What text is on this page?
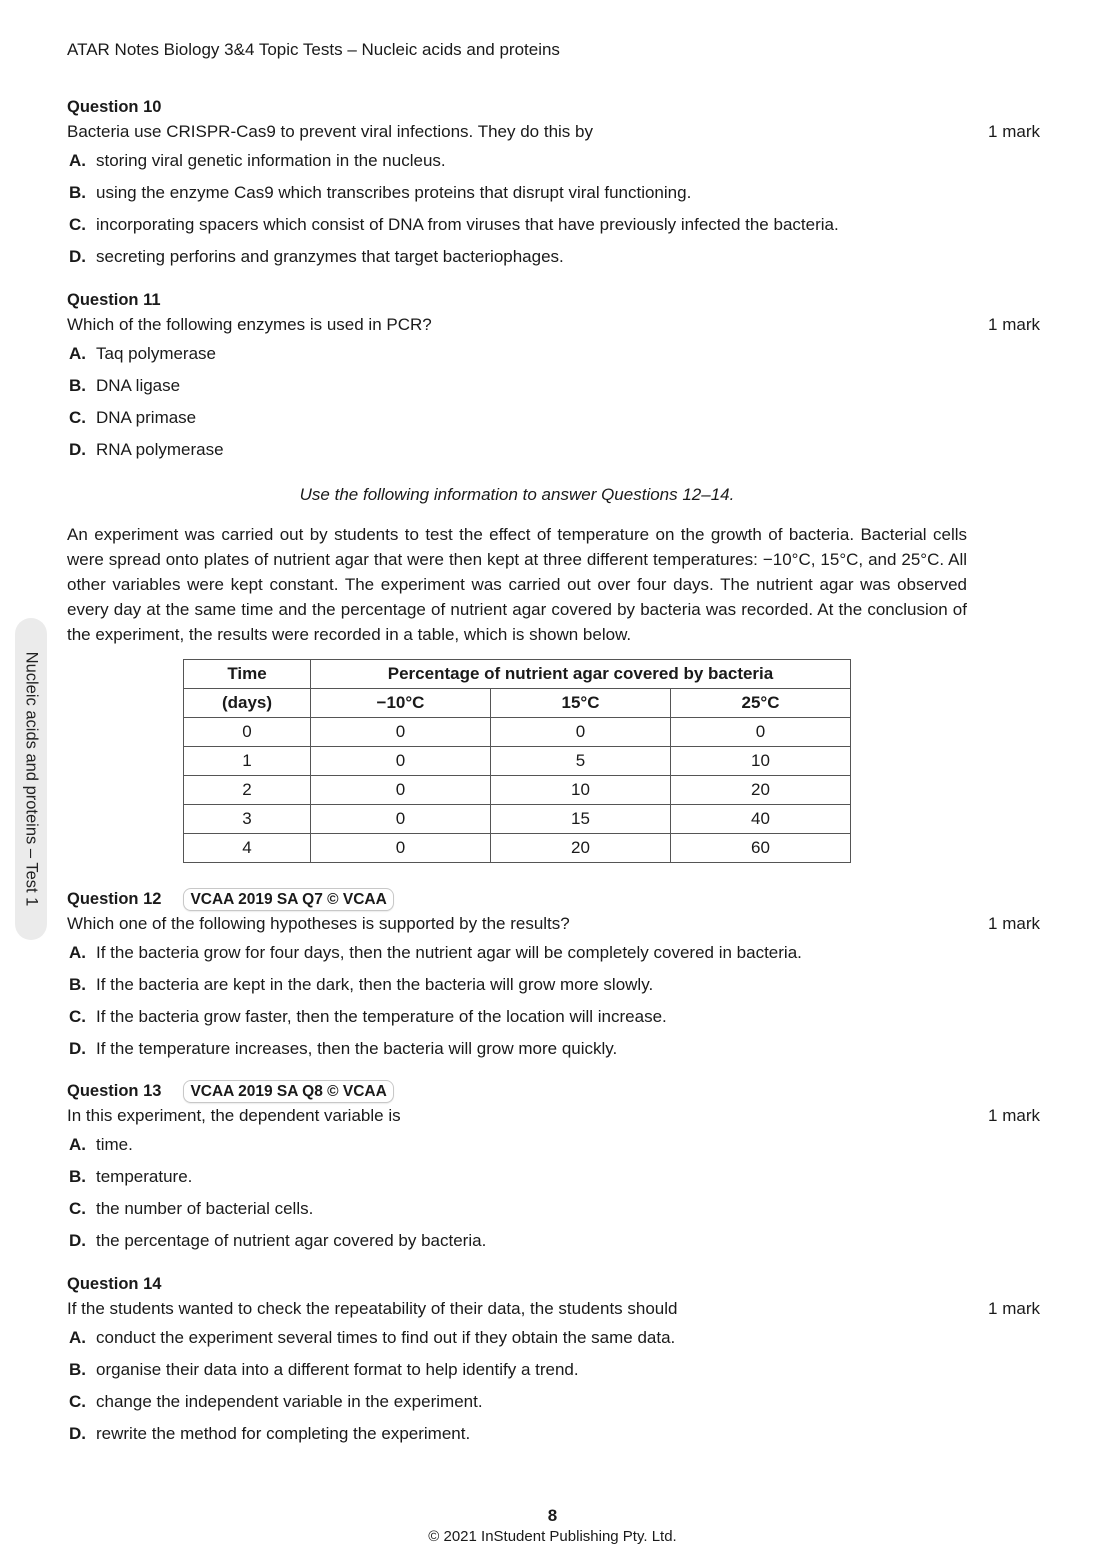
ATAR Notes Biology 3&4 Topic Tests – Nucleic acids and proteins
Nucleic acids and proteins – Test 1
Question 10
Bacteria use CRISPR-Cas9 to prevent viral infections. They do this by	1 mark
A. storing viral genetic information in the nucleus.
B. using the enzyme Cas9 which transcribes proteins that disrupt viral functioning.
C. incorporating spacers which consist of DNA from viruses that have previously infected the bacteria.
D. secreting perforins and granzymes that target bacteriophages.
Question 11
Which of the following enzymes is used in PCR?	1 mark
A. Taq polymerase
B. DNA ligase
C. DNA primase
D. RNA polymerase
Use the following information to answer Questions 12–14.
An experiment was carried out by students to test the effect of temperature on the growth of bacteria. Bacterial cells were spread onto plates of nutrient agar that were then kept at three different temperatures: −10°C, 15°C, and 25°C. All other variables were kept constant. The experiment was carried out over four days. The nutrient agar was observed every day at the same time and the percentage of nutrient agar covered by bacteria was recorded. At the conclusion of the experiment, the results were recorded in a table, which is shown below.
Time	Percentage of nutrient agar covered by bacteria		
(days)	−10°C	15°C	25°C
0	0	0	0
1	0	5	10
2	0	10	20
3	0	15	40
4	0	20	60
Question 12	VCAA 2019 SA Q7 © VCAA
Which one of the following hypotheses is supported by the results?	1 mark
A. If the bacteria grow for four days, then the nutrient agar will be completely covered in bacteria.
B. If the bacteria are kept in the dark, then the bacteria will grow more slowly.
C. If the bacteria grow faster, then the temperature of the location will increase.
D. If the temperature increases, then the bacteria will grow more quickly.
Question 13	VCAA 2019 SA Q8 © VCAA
In this experiment, the dependent variable is	1 mark
A. time.
B. temperature.
C. the number of bacterial cells.
D. the percentage of nutrient agar covered by bacteria.
Question 14
If the students wanted to check the repeatability of their data, the students should	1 mark
A. conduct the experiment several times to find out if they obtain the same data.
B. organise their data into a different format to help identify a trend.
C. change the independent variable in the experiment.
D. rewrite the method for completing the experiment.
8
© 2021 InStudent Publishing Pty. Ltd.
